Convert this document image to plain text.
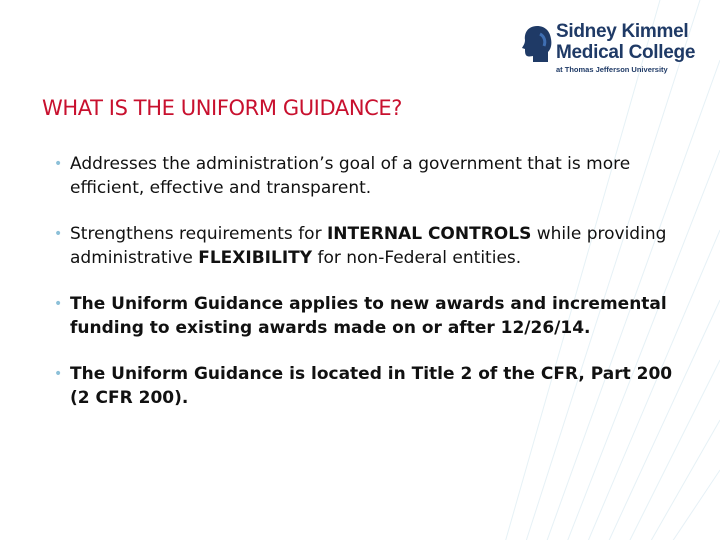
Sidney Kimmel
Medical College
at Thomas Jefferson University
WHAT IS THE UNIFORM GUIDANCE?
• Addresses the administration’s goal of a government that is more efficient, effective and transparent.
• Strengthens requirements for INTERNAL CONTROLS while providing administrative FLEXIBILITY for non-Federal entities.
• The Uniform Guidance applies to new awards and incremental funding to existing awards made on or after 12/26/14.
• The Uniform Guidance is located in Title 2 of the CFR, Part 200 (2 CFR 200).
